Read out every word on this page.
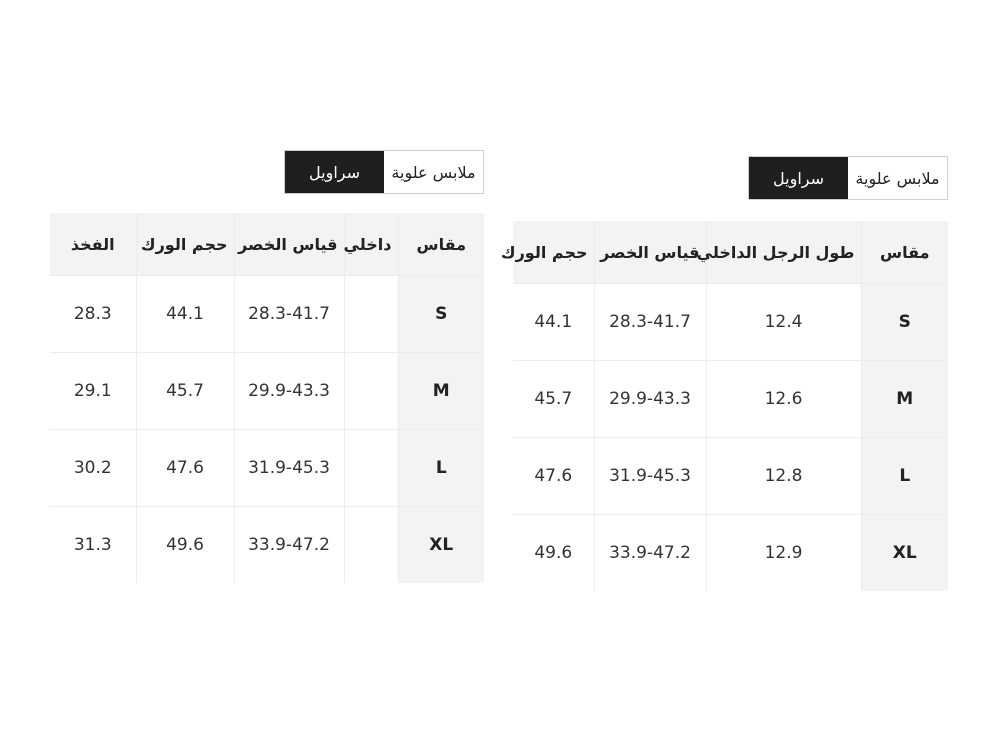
ملابس علوية
سراويل
مقاس	داخلي	قياس الخصر	حجم الورك	الفخذ
S		28.3-41.7	44.1	28.3
M		29.9-43.3	45.7	29.1
L		31.9-45.3	47.6	30.2
XL		33.9-47.2	49.6	31.3
ملابس علوية
سراويل
مقاس	طول الرجل الداخلي	قياس الخصر	حجم الورك
S	12.4	28.3-41.7	44.1
M	12.6	29.9-43.3	45.7
L	12.8	31.9-45.3	47.6
XL	12.9	33.9-47.2	49.6
